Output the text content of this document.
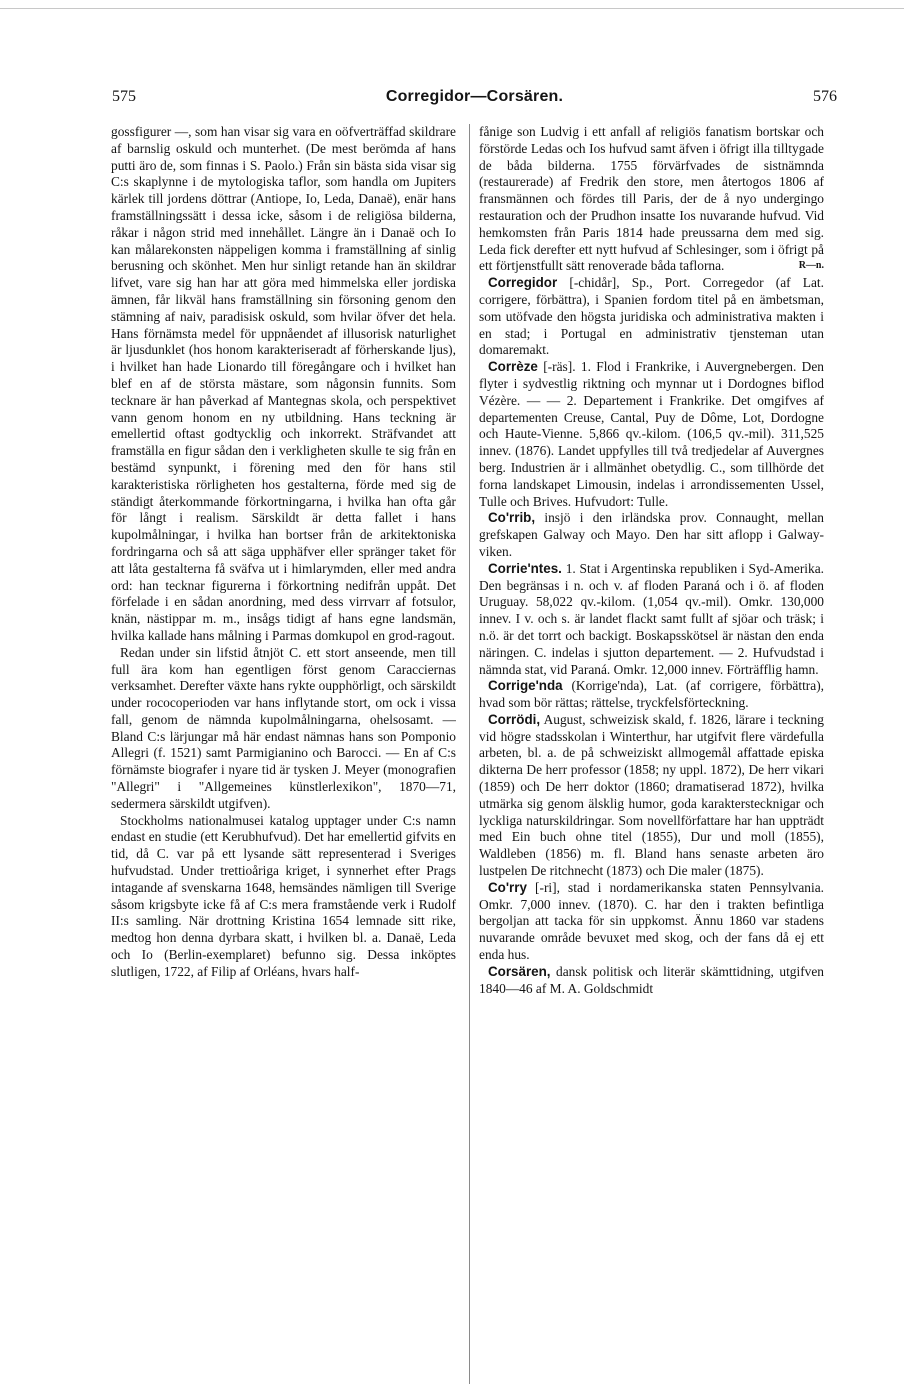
575	Corregidor—Corsären.	576

gossfigurer —, som han visar sig vara en oöfverträffad skildrare af barnslig oskuld och munterhet. (De mest berömda af hans putti äro de, som finnas i S. Paolo.) Från sin bästa sida visar sig C:s skaplynne i de mytologiska taflor, som handla om Jupiters kärlek till jordens döttrar (Antiope, Io, Leda, Danaë), enär hans framställningssätt i dessa icke, såsom i de religiösa bilderna, råkar i någon strid med innehållet. Längre än i Danaë och Io kan målarekonsten näppeligen komma i framställning af sinlig berusning och skönhet. Men hur sinligt retande han än skildrar lifvet, vare sig han har att göra med himmelska eller jordiska ämnen, får likväl hans framställning sin försoning genom den stämning af naiv, paradisisk oskuld, som hvilar öfver det hela. Hans förnämsta medel för uppnåendet af illusorisk naturlighet är ljusdunklet (hos honom karakteriseradt af förherskande ljus), i hvilket han hade Lionardo till föregångare och i hvilket han blef en af de största mästare, som någonsin funnits. Som tecknare är han påverkad af Mantegnas skola, och perspektivet vann genom honom en ny utbildning. Hans teckning är emellertid oftast godtycklig och inkorrekt. Sträfvandet att framställa en figur sådan den i verkligheten skulle te sig från en bestämd synpunkt, i förening med den för hans stil karakteristiska rörligheten hos gestalterna, förde med sig de ständigt återkommande förkortningarna, i hvilka han ofta går för långt i realism. Särskildt är detta fallet i hans kupolmålningar, i hvilka han bortser från de arkitektoniska fordringarna och så att säga upphäfver eller spränger taket för att låta gestalterna få sväfva ut i himlarymden, eller med andra ord: han tecknar figurerna i förkortning nedifrån uppåt. Det förfelade i en sådan anordning, med dess virrvarr af fotsulor, knän, nästippar m. m., insågs tidigt af hans egne landsmän, hvilka kallade hans målning i Parmas domkupol en grod-ragout.

Redan under sin lifstid åtnjöt C. ett stort anseende, men till full ära kom han egentligen först genom Caracciernas verksamhet. Derefter växte hans rykte oupphörligt, och särskildt under rococoperioden var hans inflytande stort, om ock i vissa fall, genom de nämnda kupolmålningarna, ohelsosamt. — Bland C:s lärjungar må här endast nämnas hans son Pomponio Allegri (f. 1521) samt Parmigianino och Barocci. — En af C:s förnämste biografer i nyare tid är tysken J. Meyer (monografien "Allegri" i "Allgemeines künstlerlexikon", 1870—71, sedermera särskildt utgifven).

Stockholms nationalmusei katalog upptager under C:s namn endast en studie (ett Kerubhufvud). Det har emellertid gifvits en tid, då C. var på ett lysande sätt representerad i Sveriges hufvudstad. Under trettioåriga kriget, i synnerhet efter Prags intagande af svenskarna 1648, hemsändes nämligen till Sverige såsom krigsbyte icke få af C:s mera framstående verk i Rudolf II:s samling. När drottning Kristina 1654 lemnade sitt rike, medtog hon denna dyrbara skatt, i hvilken bl. a. Danaë, Leda och Io (Berlin-exemplaret) befunno sig. Dessa inköptes slutligen, 1722, af Filip af Orléans, hvars half-

fånige son Ludvig i ett anfall af religiös fanatism bortskar och förstörde Ledas och Ios hufvud samt äfven i öfrigt illa tilltygade de båda bilderna. 1755 förvärfvades de sistnämnda (restaurerade) af Fredrik den store, men återtogos 1806 af fransmännen och fördes till Paris, der de å nyo undergingo restauration och der Prudhon insatte Ios nuvarande hufvud. Vid hemkomsten från Paris 1814 hade preussarna dem med sig. Leda fick derefter ett nytt hufvud af Schlesinger, som i öfrigt på ett förtjenstfullt sätt renoverade båda taflorna.	R—n.

Corregidor [-chidår], Sp., Port. Corregedor (af Lat. corrigere, förbättra), i Spanien fordom titel på en ämbetsman, som utöfvade den högsta juridiska och administrativa makten i en stad; i Portugal en administrativ tjensteman utan domaremakt.

Corrèze [-räs]. 1. Flod i Frankrike, i Auvergnebergen. Den flyter i sydvestlig riktning och mynnar ut i Dordognes biflod Vézère. — — 2. Departement i Frankrike. Det omgifves af departementen Creuse, Cantal, Puy de Dôme, Lot, Dordogne och Haute-Vienne. 5,866 qv.-kilom. (106,5 qv.-mil). 311,525 innev. (1876). Landet uppfylles till två tredjedelar af Auvergnes berg. Industrien är i allmänhet obetydlig. C., som tillhörde det forna landskapet Limousin, indelas i arrondissementen Ussel, Tulle och Brives. Hufvudort: Tulle.

Co'rrib, insjö i den irländska prov. Connaught, mellan grefskapen Galway och Mayo. Den har sitt aflopp i Galway-viken.

Corrie'ntes. 1. Stat i Argentinska republiken i Syd-Amerika. Den begränsas i n. och v. af floden Paraná och i ö. af floden Uruguay. 58,022 qv.-kilom. (1,054 qv.-mil). Omkr. 130,000 innev. I v. och s. är landet flackt samt fullt af sjöar och träsk; i n.ö. är det torrt och backigt. Boskapsskötsel är nästan den enda näringen. C. indelas i sjutton departement. — 2. Hufvudstad i nämnda stat, vid Paraná. Omkr. 12,000 innev. Förträfflig hamn.

Corrige'nda (Korrige'nda), Lat. (af corrigere, förbättra), hvad som bör rättas; rättelse, tryckfelsförteckning.

Corrödi, August, schweizisk skald, f. 1826, lärare i teckning vid högre stadsskolan i Winterthur, har utgifvit flere värdefulla arbeten, bl. a. de på schweiziskt allmogemål affattade episka dikterna De herr professor (1858; ny uppl. 1872), De herr vikari (1859) och De herr doktor (1860; dramatiserad 1872), hvilka utmärka sig genom älsklig humor, goda karakterstecknigar och lyckliga naturskildringar. Som novellförfattare har han uppträdt med Ein buch ohne titel (1855), Dur und moll (1855), Waldleben (1856) m. fl. Bland hans senaste arbeten äro lustpelen De ritchnecht (1873) och Die maler (1875).

Co'rry [-ri], stad i nordamerikanska staten Pennsylvania. Omkr. 7,000 innev. (1870). C. har den i trakten befintliga bergoljan att tacka för sin uppkomst. Ännu 1860 var stadens nuvarande område bevuxet med skog, och der fans då ej ett enda hus.

Corsären, dansk politisk och literär skämttidning, utgifven 1840—46 af M. A. Goldschmidt
